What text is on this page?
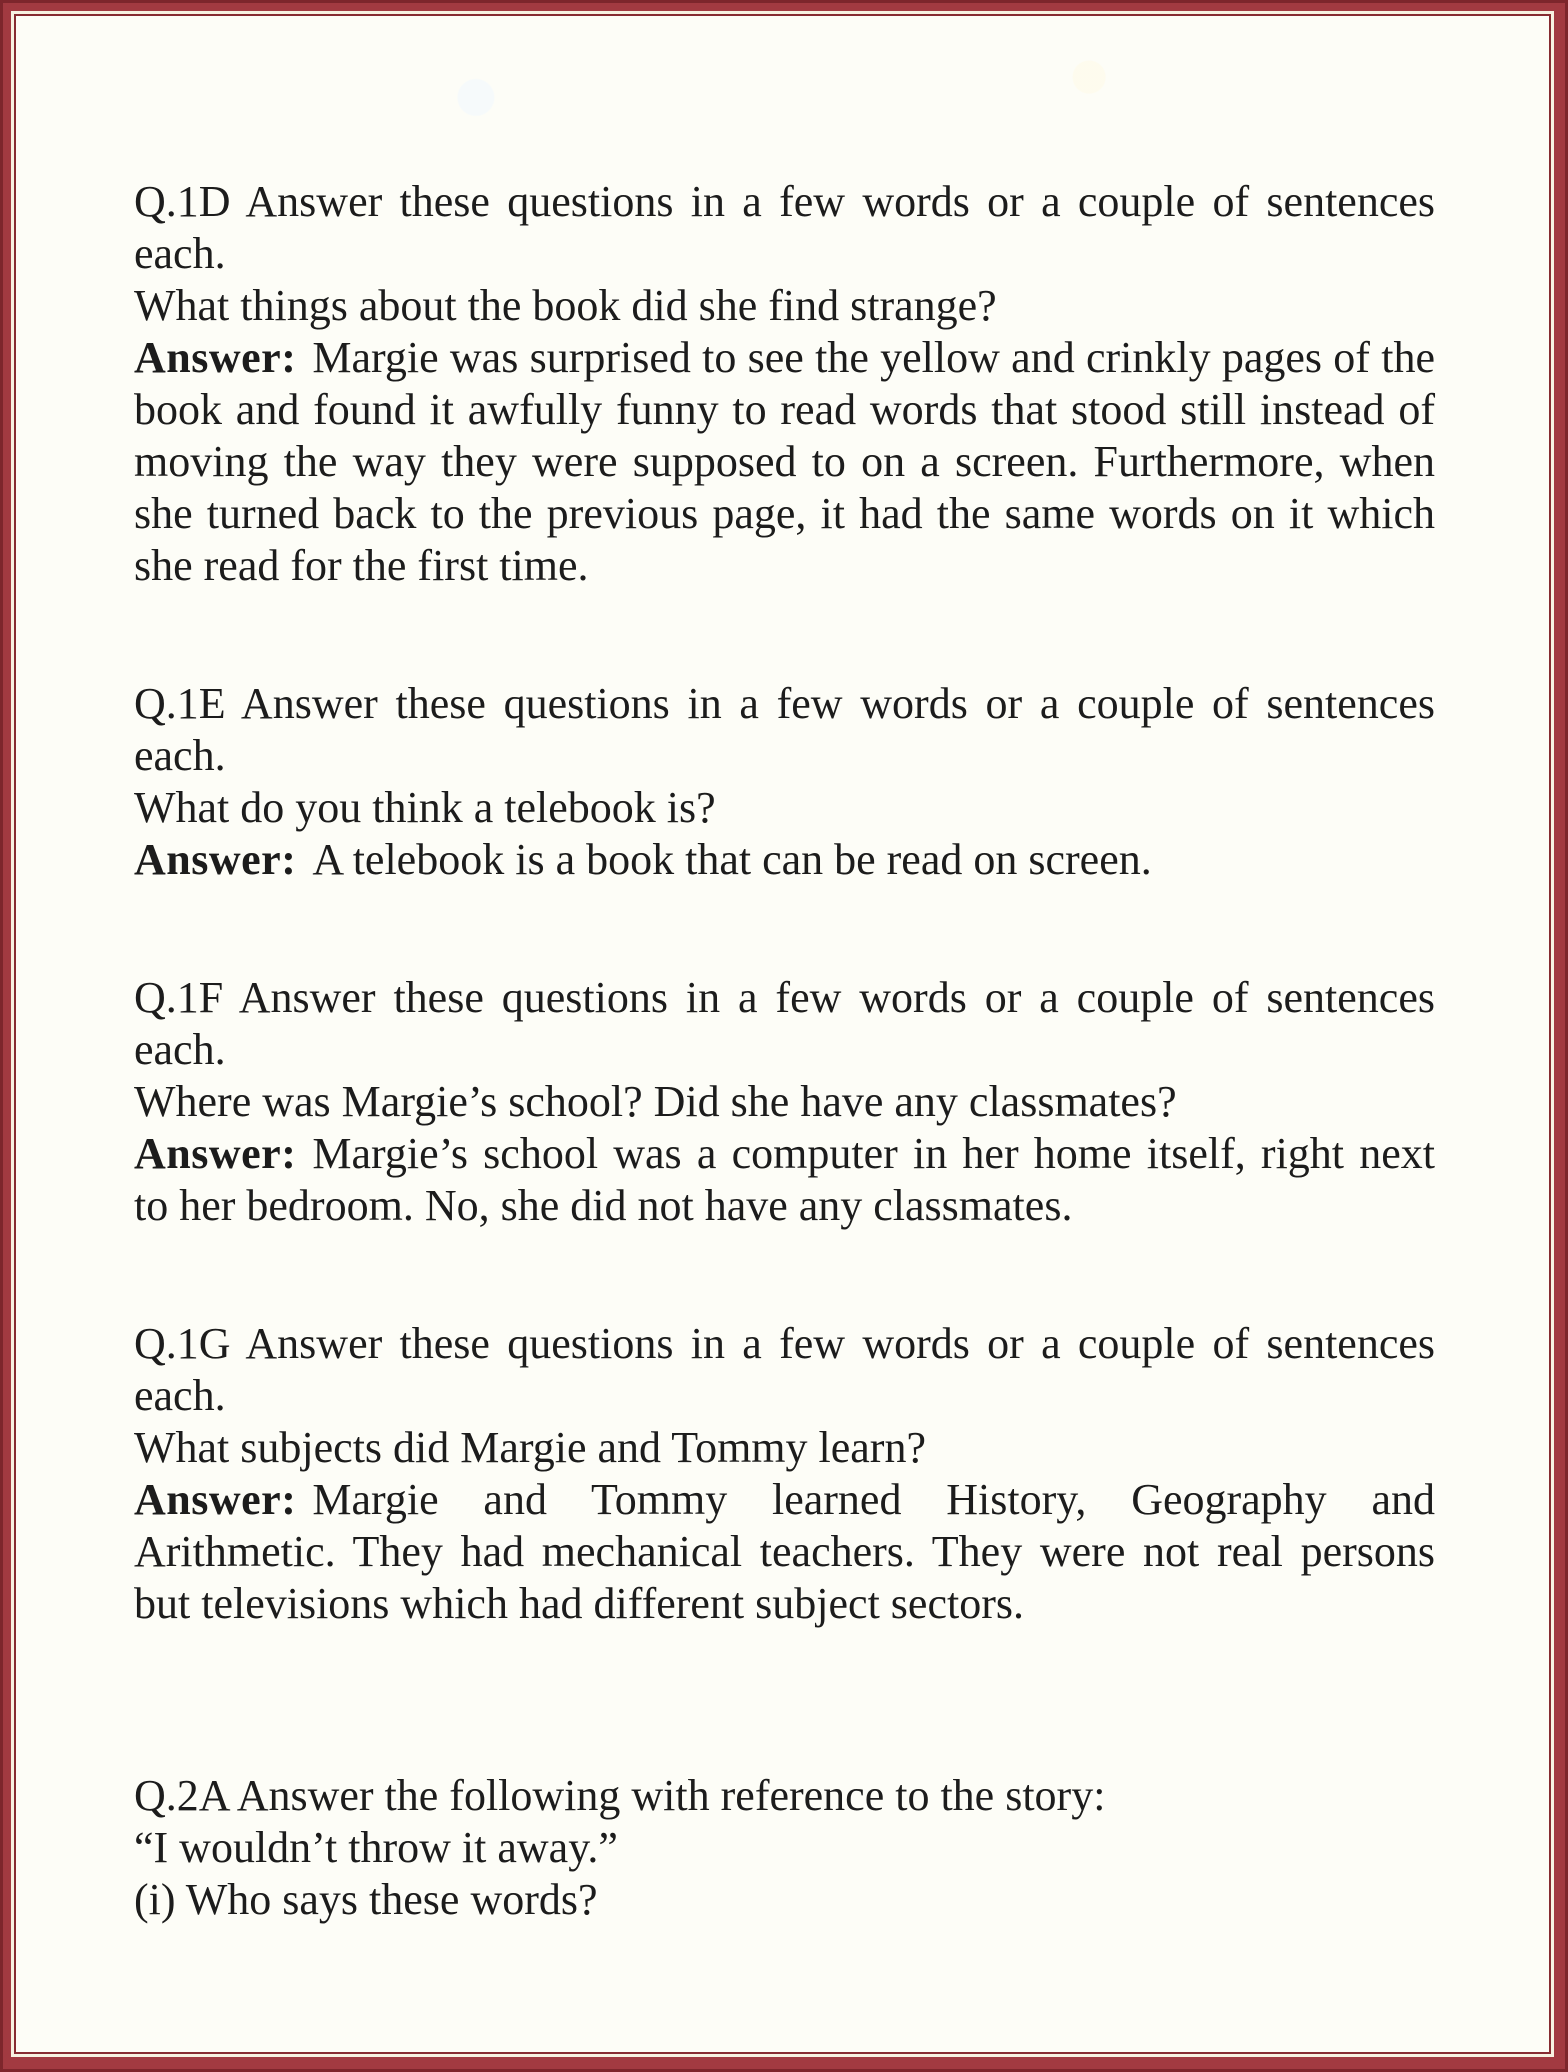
Q.1D Answer these questions in a few words or a couple of sentences each.

What things about the book did she find strange?

Answer: Margie was surprised to see the yellow and crinkly pages of the book and found it awfully funny to read words that stood still instead of moving the way they were supposed to on a screen. Furthermore, when she turned back to the previous page, it had the same words on it which she read for the first time.

Q.1E Answer these questions in a few words or a couple of sentences each.

What do you think a telebook is?

Answer: A telebook is a book that can be read on screen.

Q.1F Answer these questions in a few words or a couple of sentences each.

Where was Margie’s school? Did she have any classmates?

Answer: Margie’s school was a computer in her home itself, right next to her bedroom. No, she did not have any classmates.

Q.1G Answer these questions in a few words or a couple of sentences each.

What subjects did Margie and Tommy learn?

Answer: Margie and Tommy learned History, Geography and Arithmetic. They had mechanical teachers. They were not real persons but televisions which had different subject sectors.

Q.2A Answer the following with reference to the story:

“I wouldn’t throw it away.”

(i) Who says these words?
